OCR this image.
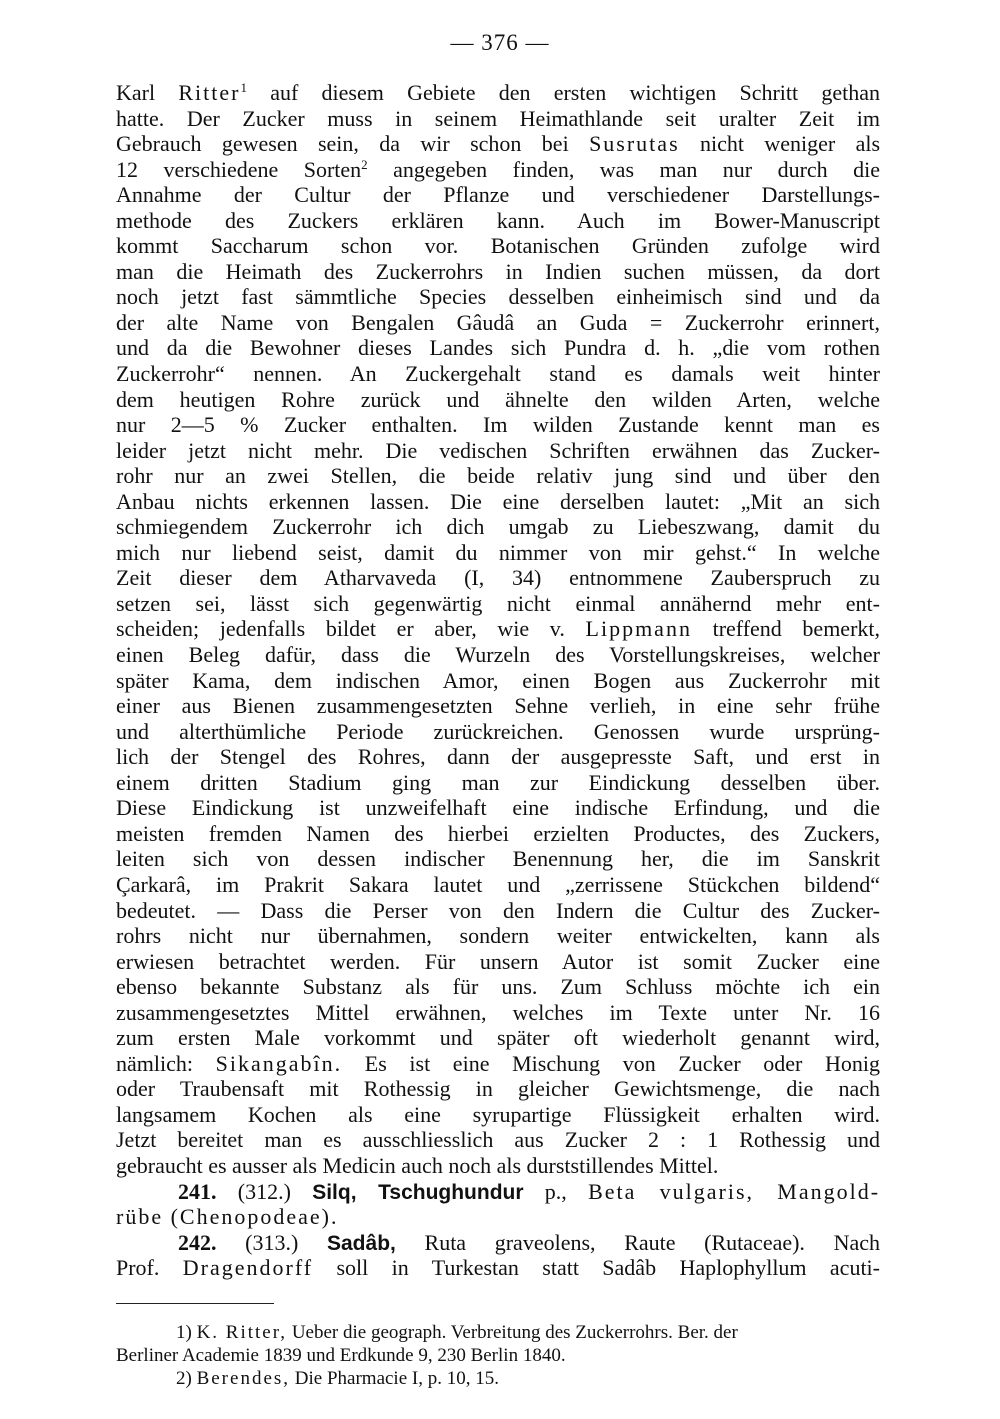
— 376 —
Karl Ritter$^1$ auf diesem Gebiete den ersten wichtigen Schritt gethan
hatte. Der Zucker muss in seinem Heimathlande seit uralter Zeit im
Gebrauch gewesen sein, da wir schon bei Susrutas nicht weniger als
12 verschiedene Sorten$^2$ angegeben finden, was man nur durch die
Annahme der Cultur der Pflanze und verschiedener Darstellungs-
methode des Zuckers erklären kann. Auch im Bower-Manuscript
kommt Saccharum schon vor. Botanischen Gründen zufolge wird
man die Heimath des Zuckerrohrs in Indien suchen müssen, da dort
noch jetzt fast sämmtliche Species desselben einheimisch sind und da
der alte Name von Bengalen Gâudâ an Guda = Zuckerrohr erinnert,
und da die Bewohner dieses Landes sich Pundra d. h. „die vom rothen
Zuckerrohr“ nennen. An Zuckergehalt stand es damals weit hinter
dem heutigen Rohre zurück und ähnelte den wilden Arten, welche
nur 2—5 % Zucker enthalten. Im wilden Zustande kennt man es
leider jetzt nicht mehr. Die vedischen Schriften erwähnen das Zucker-
rohr nur an zwei Stellen, die beide relativ jung sind und über den
Anbau nichts erkennen lassen. Die eine derselben lautet: „Mit an sich
schmiegendem Zuckerrohr ich dich umgab zu Liebeszwang, damit du
mich nur liebend seist, damit du nimmer von mir gehst.“ In welche
Zeit dieser dem Atharvaveda (I, 34) entnommene Zauberspruch zu
setzen sei, lässt sich gegenwärtig nicht einmal annähernd mehr ent-
scheiden; jedenfalls bildet er aber, wie v. Lippmann treffend bemerkt,
einen Beleg dafür, dass die Wurzeln des Vorstellungskreises, welcher
später Kama, dem indischen Amor, einen Bogen aus Zuckerrohr mit
einer aus Bienen zusammengesetzten Sehne verlieh, in eine sehr frühe
und alterthümliche Periode zurückreichen. Genossen wurde ursprüng-
lich der Stengel des Rohres, dann der ausgepresste Saft, und erst in
einem dritten Stadium ging man zur Eindickung desselben über.
Diese Eindickung ist unzweifelhaft eine indische Erfindung, und die
meisten fremden Namen des hierbei erzielten Productes, des Zuckers,
leiten sich von dessen indischer Benennung her, die im Sanskrit
Çarkarâ, im Prakrit Sakara lautet und „zerrissene Stückchen bildend“
bedeutet. — Dass die Perser von den Indern die Cultur des Zucker-
rohrs nicht nur übernahmen, sondern weiter entwickelten, kann als
erwiesen betrachtet werden. Für unsern Autor ist somit Zucker eine
ebenso bekannte Substanz als für uns. Zum Schluss möchte ich ein
zusammengesetztes Mittel erwähnen, welches im Texte unter Nr. 16
zum ersten Male vorkommt und später oft wiederholt genannt wird,
nämlich: Sikangabîn. Es ist eine Mischung von Zucker oder Honig
oder Traubensaft mit Rothessig in gleicher Gewichtsmenge, die nach
langsamem Kochen als eine syrupartige Flüssigkeit erhalten wird.
Jetzt bereitet man es ausschliesslich aus Zucker 2 : 1 Rothessig und
gebraucht es ausser als Medicin auch noch als durststillendes Mittel.
241. (312.) Silq, Tschughundur p., Beta vulgaris, Mangold-
rübe (Chenopodeae).
242. (313.) Sadâb, Ruta graveolens, Raute (Rutaceae). Nach
Prof. Dragendorff soll in Turkestan statt Sadâb Haplophyllum acuti-
1) K. Ritter, Ueber die geograph. Verbreitung des Zuckerrohrs. Ber. der
Berliner Academie 1839 und Erdkunde 9, 230 Berlin 1840.
2) Berendes, Die Pharmacie I, p. 10, 15.
